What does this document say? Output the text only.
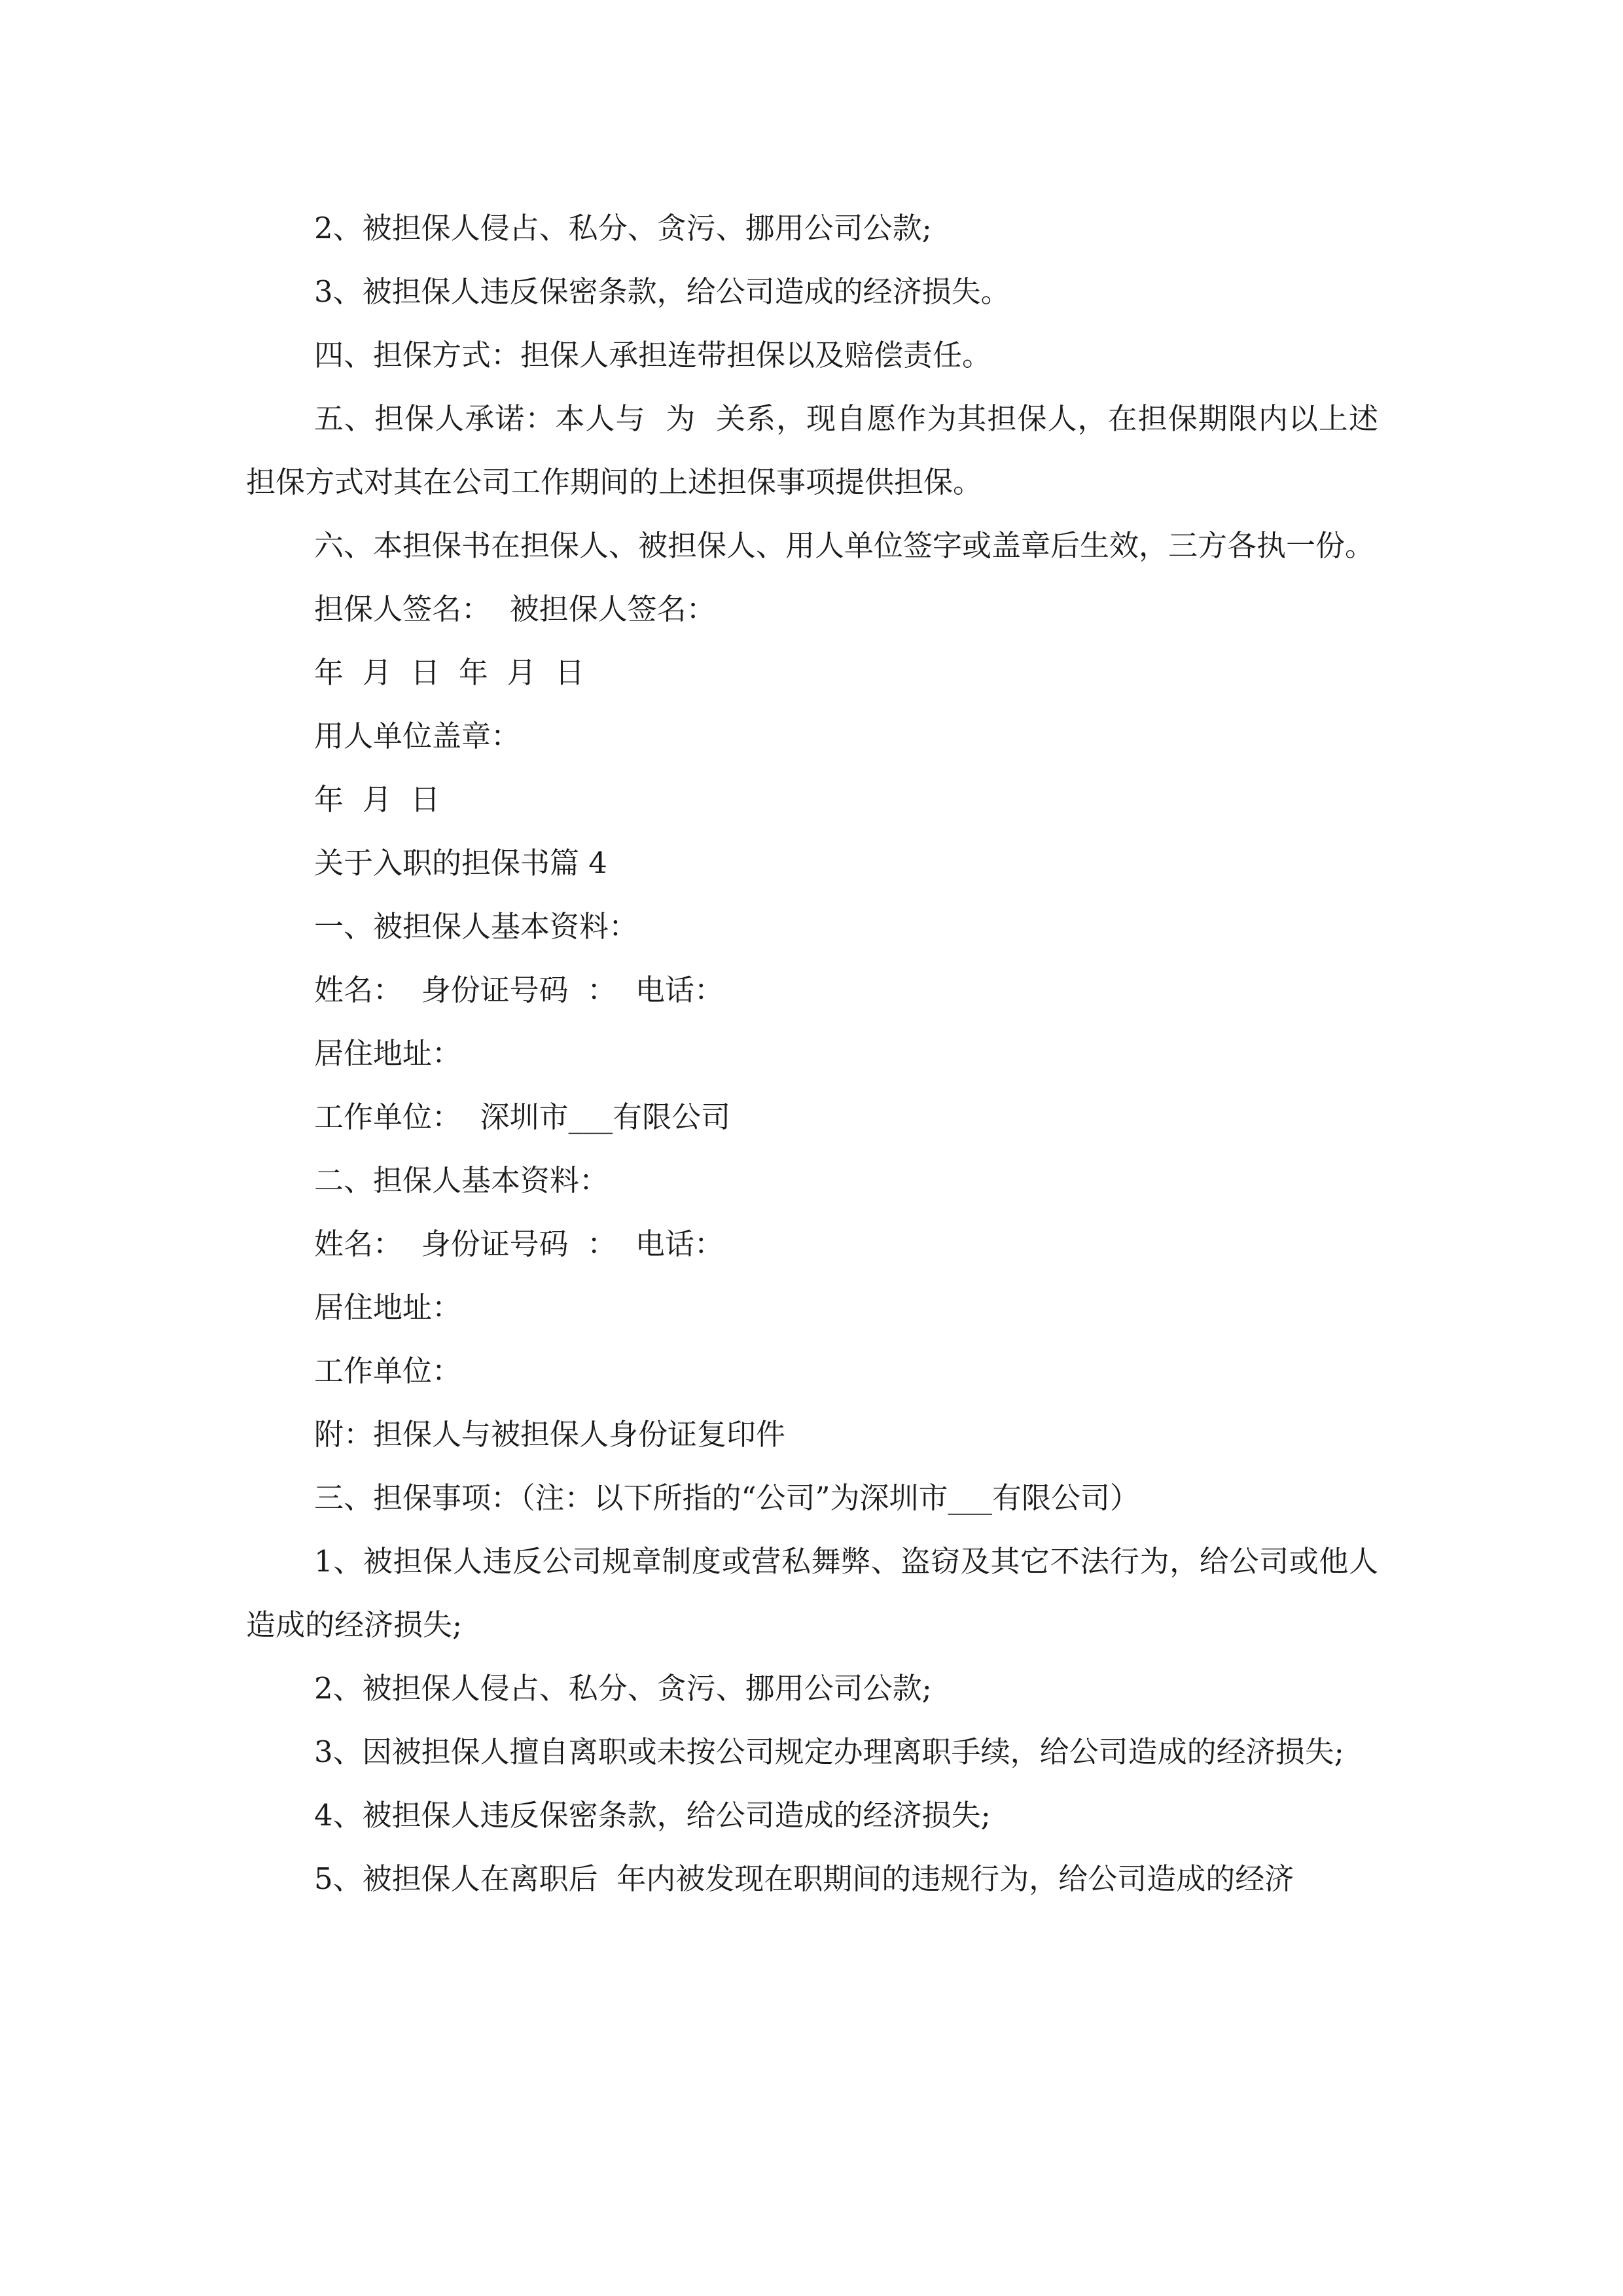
2、被担保人侵占、私分、贪污、挪用公司公款;

3、被担保人违反保密条款，给公司造成的经济损失。

四、担保方式：担保人承担连带担保以及赔偿责任。

五、担保人承诺：本人与  为  关系，现自愿作为其担保人，在担保期限内以上述担保方式对其在公司工作期间的上述担保事项提供担保。

六、本担保书在担保人、被担保人、用人单位签字或盖章后生效，三方各执一份。

担保人签名：  被担保人签名：

年  月  日  年  月  日

用人单位盖章：

年  月  日

关于入职的担保书篇 4

一、被担保人基本资料：

姓名：  身份证号码  ：  电话：

居住地址：

工作单位：  深圳市___有限公司

二、担保人基本资料：

姓名：  身份证号码  ：  电话：

居住地址：

工作单位：

附：担保人与被担保人身份证复印件

三、担保事项：（注：以下所指的“公司”为深圳市___有限公司）

1、被担保人违反公司规章制度或营私舞弊、盗窃及其它不法行为，给公司或他人造成的经济损失;

2、被担保人侵占、私分、贪污、挪用公司公款;

3、因被担保人擅自离职或未按公司规定办理离职手续，给公司造成的经济损失;

4、被担保人违反保密条款，给公司造成的经济损失;

5、被担保人在离职后  年内被发现在职期间的违规行为，给公司造成的经济
